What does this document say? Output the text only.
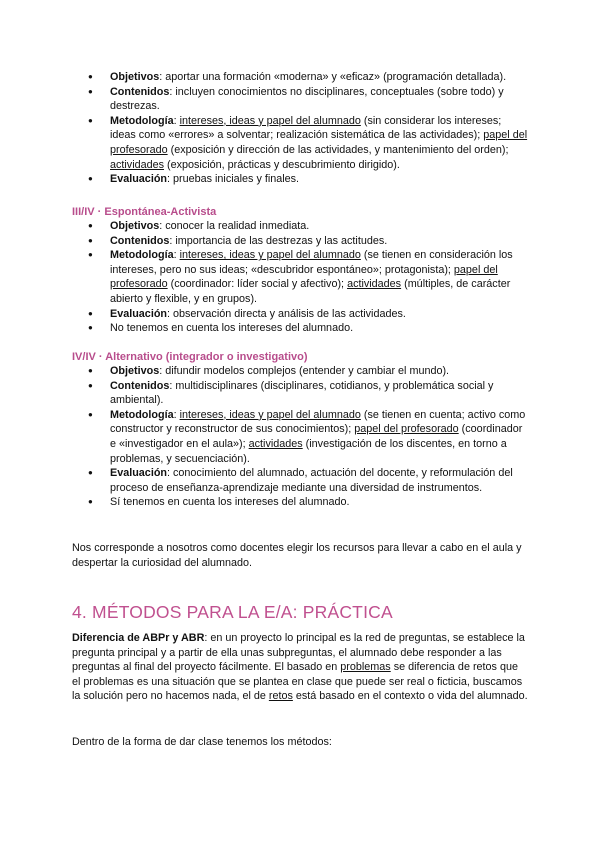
● Objetivos: aportar una formación «moderna» y «eficaz» (programación detallada).
● Contenidos: incluyen conocimientos no disciplinares, conceptuales (sobre todo) y destrezas.
● Metodología: intereses, ideas y papel del alumnado (sin considerar los intereses; ideas como «errores» a solventar; realización sistemática de las actividades); papel del profesorado (exposición y dirección de las actividades, y mantenimiento del orden); actividades (exposición, prácticas y descubrimiento dirigido).
● Evaluación: pruebas iniciales y finales.
III/IV · Espontánea-Activista
● Objetivos: conocer la realidad inmediata.
● Contenidos: importancia de las destrezas y las actitudes.
● Metodología: intereses, ideas y papel del alumnado (se tienen en consideración los intereses, pero no sus ideas; «descubridor espontáneo»; protagonista); papel del profesorado (coordinador: líder social y afectivo); actividades (múltiples, de carácter abierto y flexible, y en grupos).
● Evaluación: observación directa y análisis de las actividades.
● No tenemos en cuenta los intereses del alumnado.
IV/IV · Alternativo (integrador o investigativo)
● Objetivos: difundir modelos complejos (entender y cambiar el mundo).
● Contenidos: multidisciplinares (disciplinares, cotidianos, y problemática social y ambiental).
● Metodología: intereses, ideas y papel del alumnado (se tienen en cuenta; activo como constructor y reconstructor de sus conocimientos); papel del profesorado (coordinador e «investigador en el aula»); actividades (investigación de los discentes, en torno a problemas, y secuenciación).
● Evaluación: conocimiento del alumnado, actuación del docente, y reformulación del proceso de enseñanza-aprendizaje mediante una diversidad de instrumentos.
● Sí tenemos en cuenta los intereses del alumnado.

Nos corresponde a nosotros como docentes elegir los recursos para llevar a cabo en el aula y despertar la curiosidad del alumnado.

4. MÉTODOS PARA LA E/A: PRÁCTICA

Diferencia de ABPr y ABR: en un proyecto lo principal es la red de preguntas, se establece la pregunta principal y a partir de ella unas subpreguntas, el alumnado debe responder a las preguntas al final del proyecto fácilmente. El basado en problemas se diferencia de retos que el problemas es una situación que se plantea en clase que puede ser real o ficticia, buscamos la solución pero no hacemos nada, el de retos está basado en el contexto o vida del alumnado.

Dentro de la forma de dar clase tenemos los métodos:
